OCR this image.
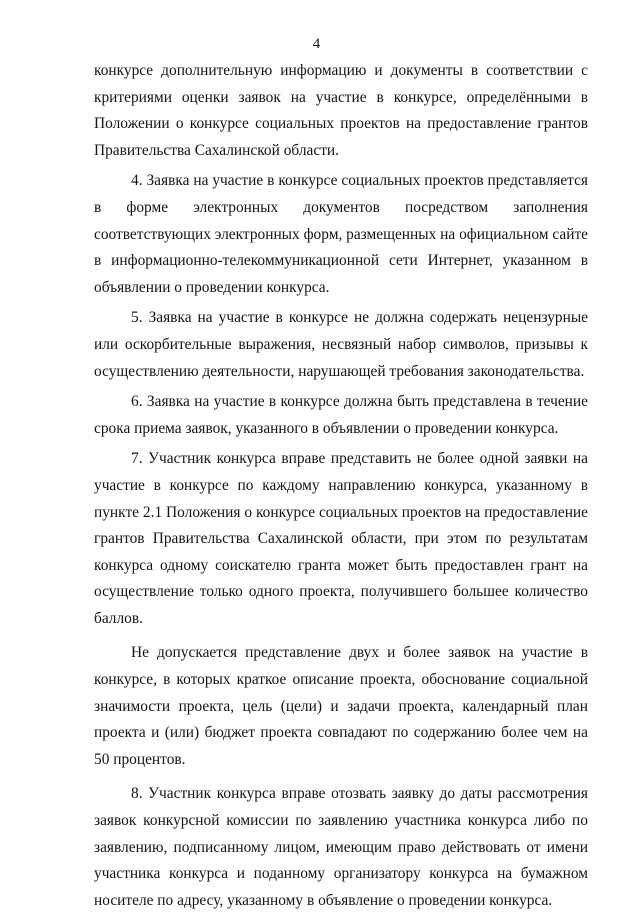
4

конкурсе дополнительную информацию и документы в соответствии с критериями оценки заявок на участие в конкурсе, определёнными в Положении о конкурсе социальных проектов на предоставление грантов Правительства Сахалинской области.

4. Заявка на участие в конкурсе социальных проектов представляется в форме электронных документов посредством заполнения соответствующих электронных форм, размещенных на официальном сайте в информационно-телекоммуникационной сети Интернет, указанном в объявлении о проведении конкурса.

5. Заявка на участие в конкурсе не должна содержать нецензурные или оскорбительные выражения, несвязный набор символов, призывы к осуществлению деятельности, нарушающей требования законодательства.

6. Заявка на участие в конкурсе должна быть представлена в течение срока приема заявок, указанного в объявлении о проведении конкурса.

7. Участник конкурса вправе представить не более одной заявки на участие в конкурсе по каждому направлению конкурса, указанному в пункте 2.1 Положения о конкурсе социальных проектов на предоставление грантов Правительства Сахалинской области, при этом по результатам конкурса одному соискателю гранта может быть предоставлен грант на осуществление только одного проекта, получившего большее количество баллов.

Не допускается представление двух и более заявок на участие в конкурсе, в которых краткое описание проекта, обоснование социальной значимости проекта, цель (цели) и задачи проекта, календарный план проекта и (или) бюджет проекта совпадают по содержанию более чем на 50 процентов.

8. Участник конкурса вправе отозвать заявку до даты рассмотрения заявок конкурсной комиссии по заявлению участника конкурса либо по заявлению, подписанному лицом, имеющим право действовать от имени участника конкурса и поданному организатору конкурса на бумажном носителе по адресу, указанному в объявление о проведении конкурса.
